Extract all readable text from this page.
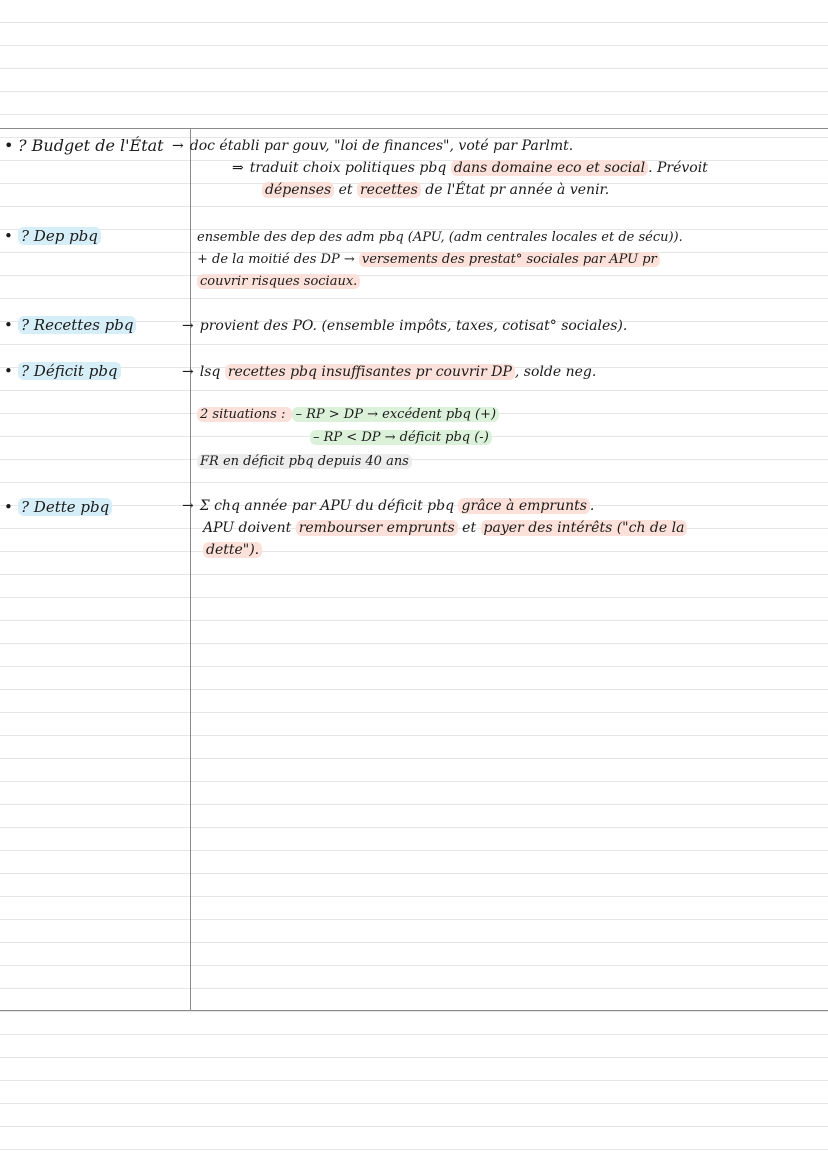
• ? Budget de l'État
• ? Dep pbq
• ? Recettes pbq
• ? Déficit pbq
• ? Dette pbq
→ doc établi par gouv, "loi de finances", voté par Parlmt.
⇒ traduit choix politiques pbq dans domaine eco et social . Prévoit
dépenses et recettes de l'État pr année à venir.
ensemble des dep des adm pbq (APU, (adm centrales locales et de sécu)).
+ de la moitié des DP → versements des prestat° sociales par APU pr
couvrir risques sociaux.
→ provient des PO. (ensemble impôts, taxes, cotisat° sociales).
→ lsq recettes pbq insuffisantes pr couvrir DP , solde neg.
2 situations : – RP > DP → excédent pbq (+)
– RP < DP → déficit pbq (-)
FR en déficit pbq depuis 40 ans
→ Σ chq année par APU du déficit pbq grâce à emprunts .
APU doivent rembourser emprunts et payer des intérêts ("ch de la
dette").
